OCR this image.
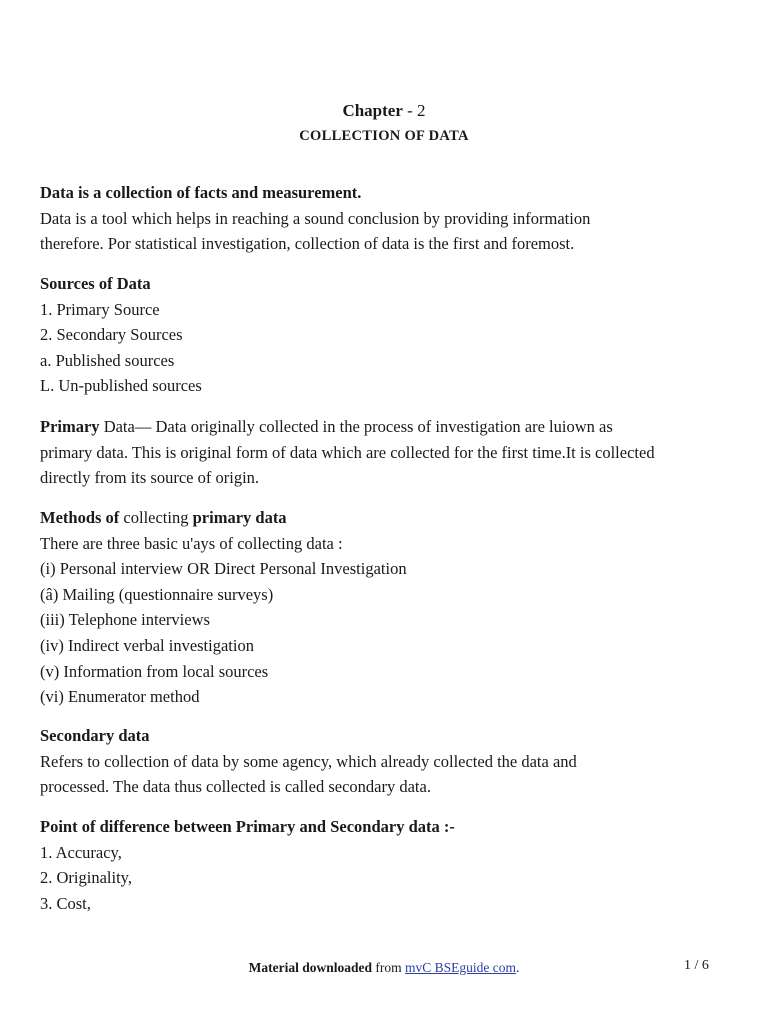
Chapter - 2
COLLECTION OF DATA

Data is a collection of facts and measurement.

Data is a tool which helps in reaching a sound conclusion by providing information

therefore. Por statistical investigation, collection of data is the first and foremost.

Sources of Data

1. Primary Source
2. Secondary Sources
a. Published sources
L. Un-published sources

Primary Data— Data originally collected in the process of investigation are luiown as

primary data. This is original form of data which are collected for the first time.It is collected

directly from its source of origin.

Methods of collecting primary data

There are three basic u'ays of collecting data :

(i) Personal interview OR Direct Personal Investigation
(â) Mailing (questionnaire surveys)
(iii) Telephone interviews
(iv) Indirect verbal investigation
(v) Information from local sources
(vi) Enumerator method

Secondary data

Refers to collection of data by some agency, which already collected the data and

processed. The data thus collected is called secondary data.

Point of difference between Primary and Secondary data :-

1. Accuracy,
2. Originality,
3. Cost,
Material downloaded from mvC BSEguide com.	1 / 6
